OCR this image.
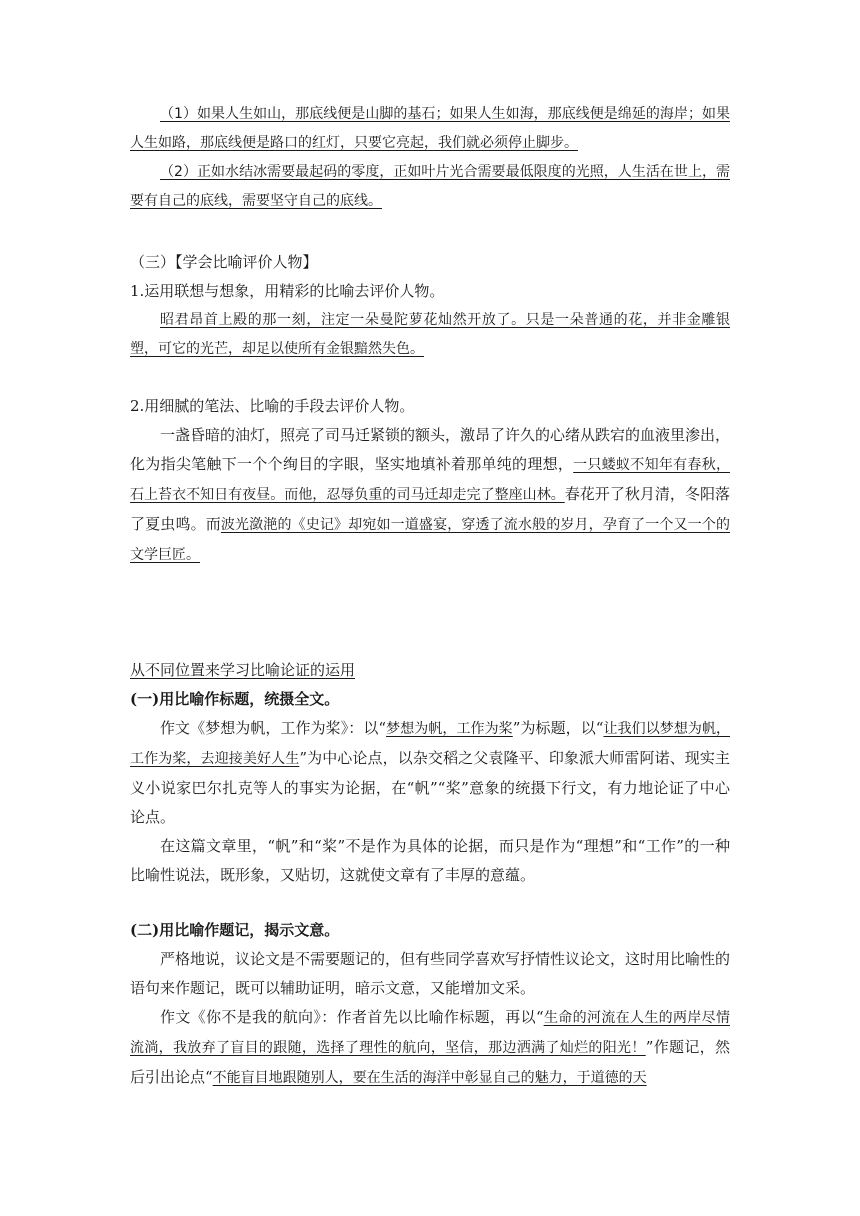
（1）如果人生如山，那底线便是山脚的基石；如果人生如海，那底线便是绵延的海岸；如果人生如路，那底线便是路口的红灯，只要它亮起，我们就必须停止脚步。

（2）正如水结冰需要最起码的零度，正如叶片光合需要最低限度的光照，人生活在世上，需要有自己的底线，需要坚守自己的底线。

（三）【学会比喻评价人物】

1.运用联想与想象，用精彩的比喻去评价人物。

昭君昂首上殿的那一刻，注定一朵曼陀萝花灿然开放了。只是一朵普通的花，并非金雕银塑，可它的光芒，却足以使所有金银黯然失色。

2.用细腻的笔法、比喻的手段去评价人物。

一盏昏暗的油灯，照亮了司马迁紧锁的额头，激昂了许久的心绪从跌宕的血液里渗出，化为指尖笔触下一个个绚目的字眼，坚实地填补着那单纯的理想，一只蝼蚁不知年有春秋，石上苔衣不知日有夜昼。而他，忍辱负重的司马迁却走完了整座山林。春花开了秋月清，冬阳落了夏虫鸣。而波光潋滟的《史记》却宛如一道盛宴，穿透了流水般的岁月，孕育了一个又一个的文学巨匠。

从不同位置来学习比喻论证的运用

(一)用比喻作标题，统摄全文。

作文《梦想为帆，工作为桨》：以“梦想为帆，工作为桨”为标题，以“让我们以梦想为帆，工作为桨，去迎接美好人生”为中心论点，以杂交稻之父袁隆平、印象派大师雷阿诺、现实主义小说家巴尔扎克等人的事实为论据，在“帆”“桨”意象的统摄下行文，有力地论证了中心论点。

在这篇文章里，“帆”和“桨”不是作为具体的论据，而只是作为“理想”和“工作”的一种比喻性说法，既形象，又贴切，这就使文章有了丰厚的意蕴。

(二)用比喻作题记，揭示文意。

严格地说，议论文是不需要题记的，但有些同学喜欢写抒情性议论文，这时用比喻性的语句来作题记，既可以辅助证明，暗示文意，又能增加文采。

作文《你不是我的航向》：作者首先以比喻作标题，再以“生命的河流在人生的两岸尽情流淌，我放弃了盲目的跟随，选择了理性的航向，坚信，那边洒满了灿烂的阳光！”作题记，然后引出论点“不能盲目地跟随别人，要在生活的海洋中彰显自己的魅力，于道德的天
